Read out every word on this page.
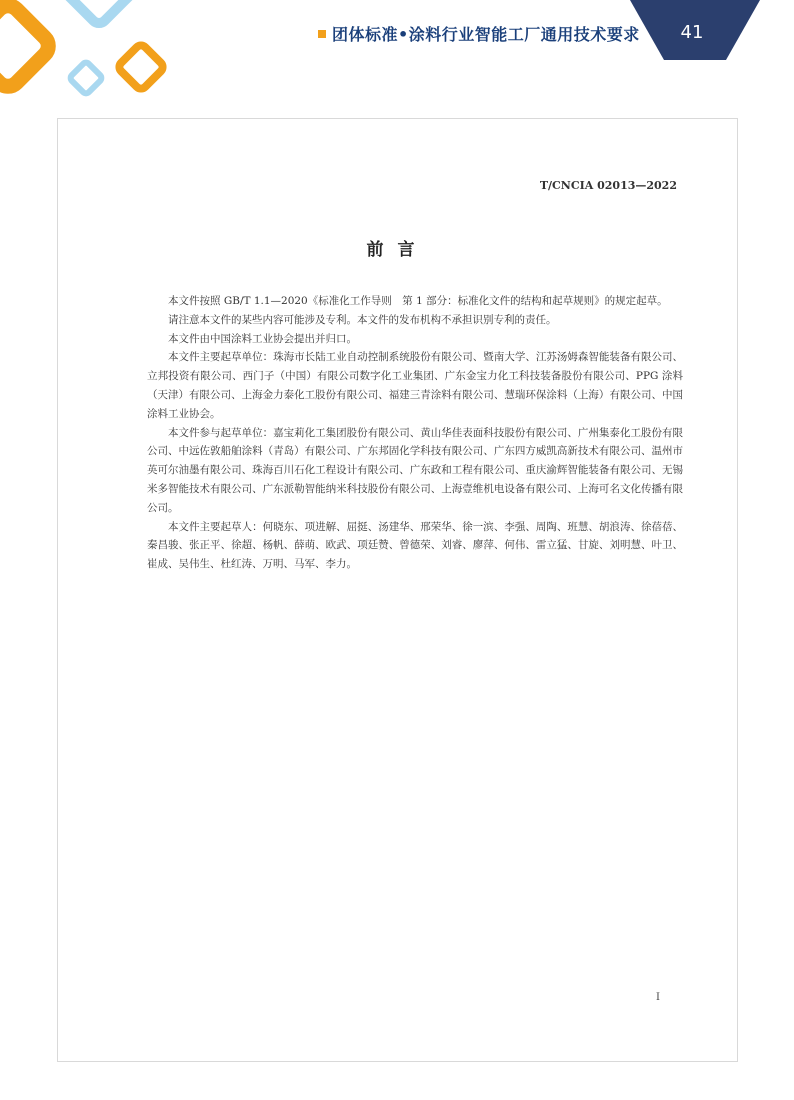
团体标准•涂料行业智能工厂通用技术要求	41
T/CNCIA 02013—2022
前言

本文件按照 GB/T 1.1—2020《标准化工作导则　第 1 部分：标准化文件的结构和起草规则》的规定起草。

请注意本文件的某些内容可能涉及专利。本文件的发布机构不承担识别专利的责任。

本文件由中国涂料工业协会提出并归口。

本文件主要起草单位：珠海市长陆工业自动控制系统股份有限公司、暨南大学、江苏汤姆森智能装备有限公司、立邦投资有限公司、西门子（中国）有限公司数字化工业集团、广东金宝力化工科技装备股份有限公司、PPG 涂料（天津）有限公司、上海金力泰化工股份有限公司、福建三青涂料有限公司、慧瑞环保涂料（上海）有限公司、中国涂料工业协会。

本文件参与起草单位：嘉宝莉化工集团股份有限公司、黄山华佳表面科技股份有限公司、广州集泰化工股份有限公司、中远佐敦船舶涂料（青岛）有限公司、广东邦固化学科技有限公司、广东四方威凯高新技术有限公司、温州市英可尔油墨有限公司、珠海百川石化工程设计有限公司、广东政和工程有限公司、重庆渝辉智能装备有限公司、无锡米多智能技术有限公司、广东派勒智能纳米科技股份有限公司、上海壹维机电设备有限公司、上海可名文化传播有限公司。

本文件主要起草人：何晓东、项进解、屈挺、汤建华、邢荣华、徐一滨、李强、周陶、班慧、胡浪涛、徐蓓蓓、秦昌骏、张正平、徐超、杨帆、薛萌、欧武、项廷赞、曾德荣、刘睿、廖萍、何伟、雷立猛、甘旋、刘明慧、叶卫、崔成、吴伟生、杜红涛、万明、马军、李力。

I
